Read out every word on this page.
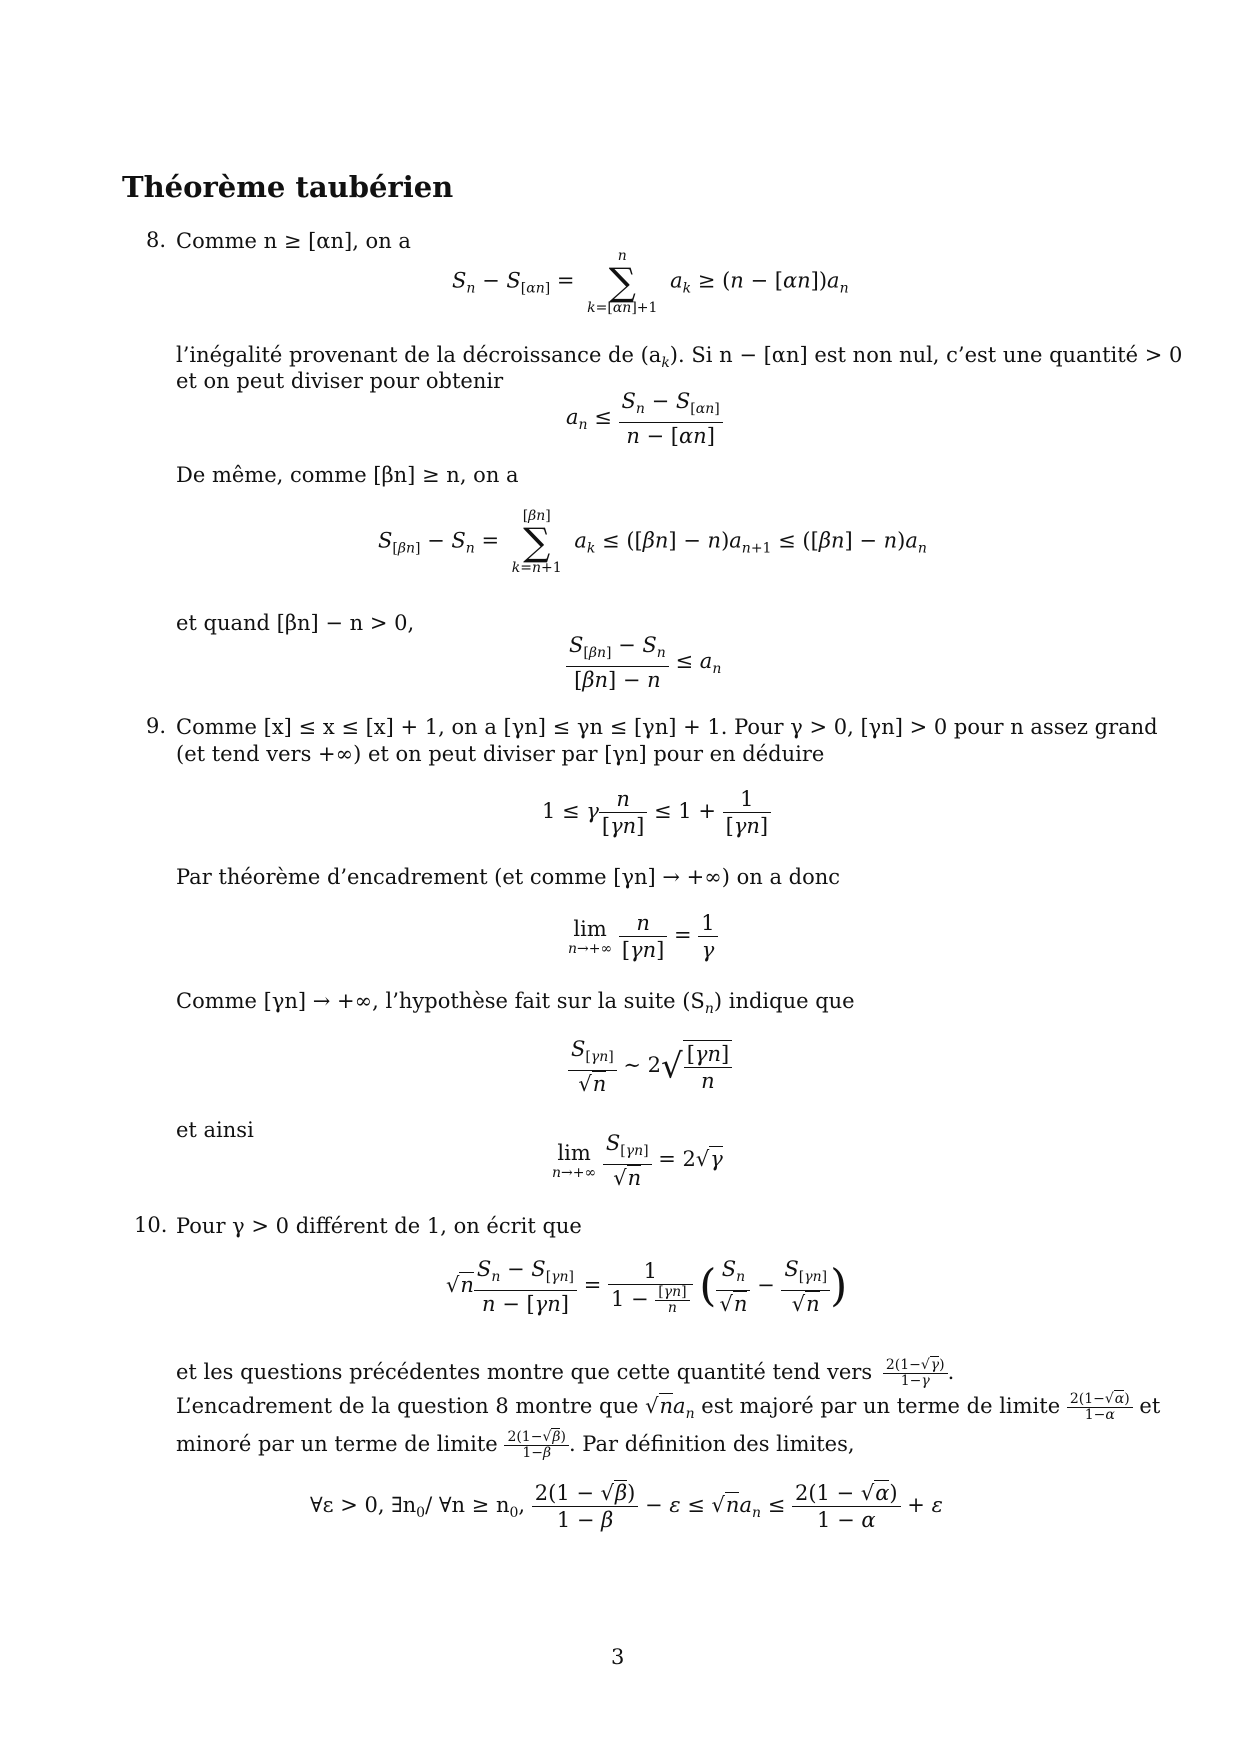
Théorème taubérien
8. Comme n ≥ [αn], on a
$S_n - S_{[\alpha n]}$ =
n
∑
k=[αn]+1
$a_k \ge (n - [\alpha n])a_n$
l’inégalité provenant de la décroissance de $(a_k)$. Si n − [αn] est non nul, c’est une quantité > 0
et on peut diviser pour obtenir
$a_n \le \frac{S_n - S_{[\alpha n]}}{n - [\alpha n]}$
De même, comme [βn] ≥ n, on a
$S_{[\beta n]} - S_n$ =
[βn]
∑
k=n+1
$a_k \le ([\beta n] - n)a_{n+1} \le ([\beta n] - n)a_n$
et quand [βn] − n > 0,
$\frac{S_{[\beta n]} - S_n}{[\beta n] - n} \le a_n$
9. Comme [x] ≤ x ≤ [x] + 1, on a [γn] ≤ γn ≤ [γn] + 1. Pour γ > 0, [γn] > 0 pour n assez grand
(et tend vers +∞) et on peut diviser par [γn] pour en déduire
1 ≤ γ $\frac{n}{[\gamma n]} \le 1 + \frac{1}{[\gamma n]}$
Par théorème d’encadrement (et comme [γn] → +∞) on a donc
lim
n→+∞
$\frac{n}{[\gamma n]} = \frac{1}{\gamma}$
Comme [γn] → +∞, l’hypothèse fait sur la suite $(S_n)$ indique que
$\frac{S_{[\gamma n]}}{√n}$ ∼ $2√ \frac{[\gamma n]}{n}$
et ainsi
lim
n→+∞
$\frac{S_{[\gamma n]}}{√n} = 2√\gamma$
10. Pour γ > 0 différent de 1, on écrit que
$√n \frac{S_n - S_{[\gamma n]}}{n - [\gamma n]} = \frac{1}{1 - \frac{[\gamma n]}{n}}$ ( $\frac{S_n}{√n} - \frac{S_{[\gamma n]}}{√n}$ )
et les questions précédentes montre que cette quantité tend vers $\frac{2(1-√\gamma)}{1-\gamma}$ .
L’encadrement de la question 8 montre que $√na_n$ est majoré par un terme de limite $\frac{2(1-√\alpha)}{1-\alpha}$ et
minoré par un terme de limite $\frac{2(1-√\beta)}{1-\beta}$ . Par définition des limites,
∀ε > 0, $\exists n_0/$ ∀n ≥ $n_0$, $\frac{2(1 - √\beta)}{1 - \beta} - \varepsilon \le √na_n \le \frac{2(1 - √\alpha)}{1 - \alpha} + \varepsilon$
3
